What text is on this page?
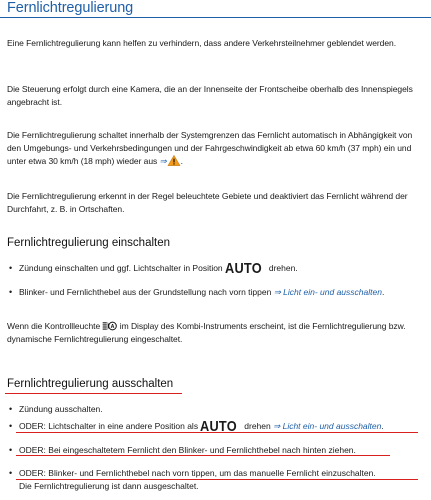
Fernlichtregulierung

Eine Fernlichtregulierung kann helfen zu verhindern, dass andere Verkehrsteilnehmer geblendet werden.

Die Steuerung erfolgt durch eine Kamera, die an der Innenseite der Frontscheibe oberhalb des Innenspiegels angebracht ist.

Die Fernlichtregulierung schaltet innerhalb der Systemgrenzen das Fernlicht automatisch in Abhängigkeit von den Umgebungs- und Verkehrsbedingungen und der Fahrgeschwindigkeit ab etwa 60 km/h (37 mph) ein und unter etwa 30 km/h (18 mph) wieder aus ⇒ .

Die Fernlichtregulierung erkennt in der Regel beleuchtete Gebiete und deaktiviert das Fernlicht während der Durchfahrt, z. B. in Ortschaften.

Fernlichtregulierung einschalten
• Zündung einschalten und ggf. Lichtschalter in Position AUTO drehen.
• Blinker- und Fernlichthebel aus der Grundstellung nach vorn tippen ⇒ Licht ein- und ausschalten.

Wenn die Kontrollleuchte A im Display des Kombi-Instruments erscheint, ist die Fernlichtregulierung bzw. dynamische Fernlichtregulierung eingeschaltet.

Fernlichtregulierung ausschalten
• Zündung ausschalten.
• ODER: Lichtschalter in eine andere Position als AUTO drehen ⇒ Licht ein- und ausschalten.
• ODER: Bei eingeschaltetem Fernlicht den Blinker- und Fernlichthebel nach hinten ziehen.
• ODER: Blinker- und Fernlichthebel nach vorn tippen, um das manuelle Fernlicht einzuschalten.
Die Fernlichtregulierung ist dann ausgeschaltet.
